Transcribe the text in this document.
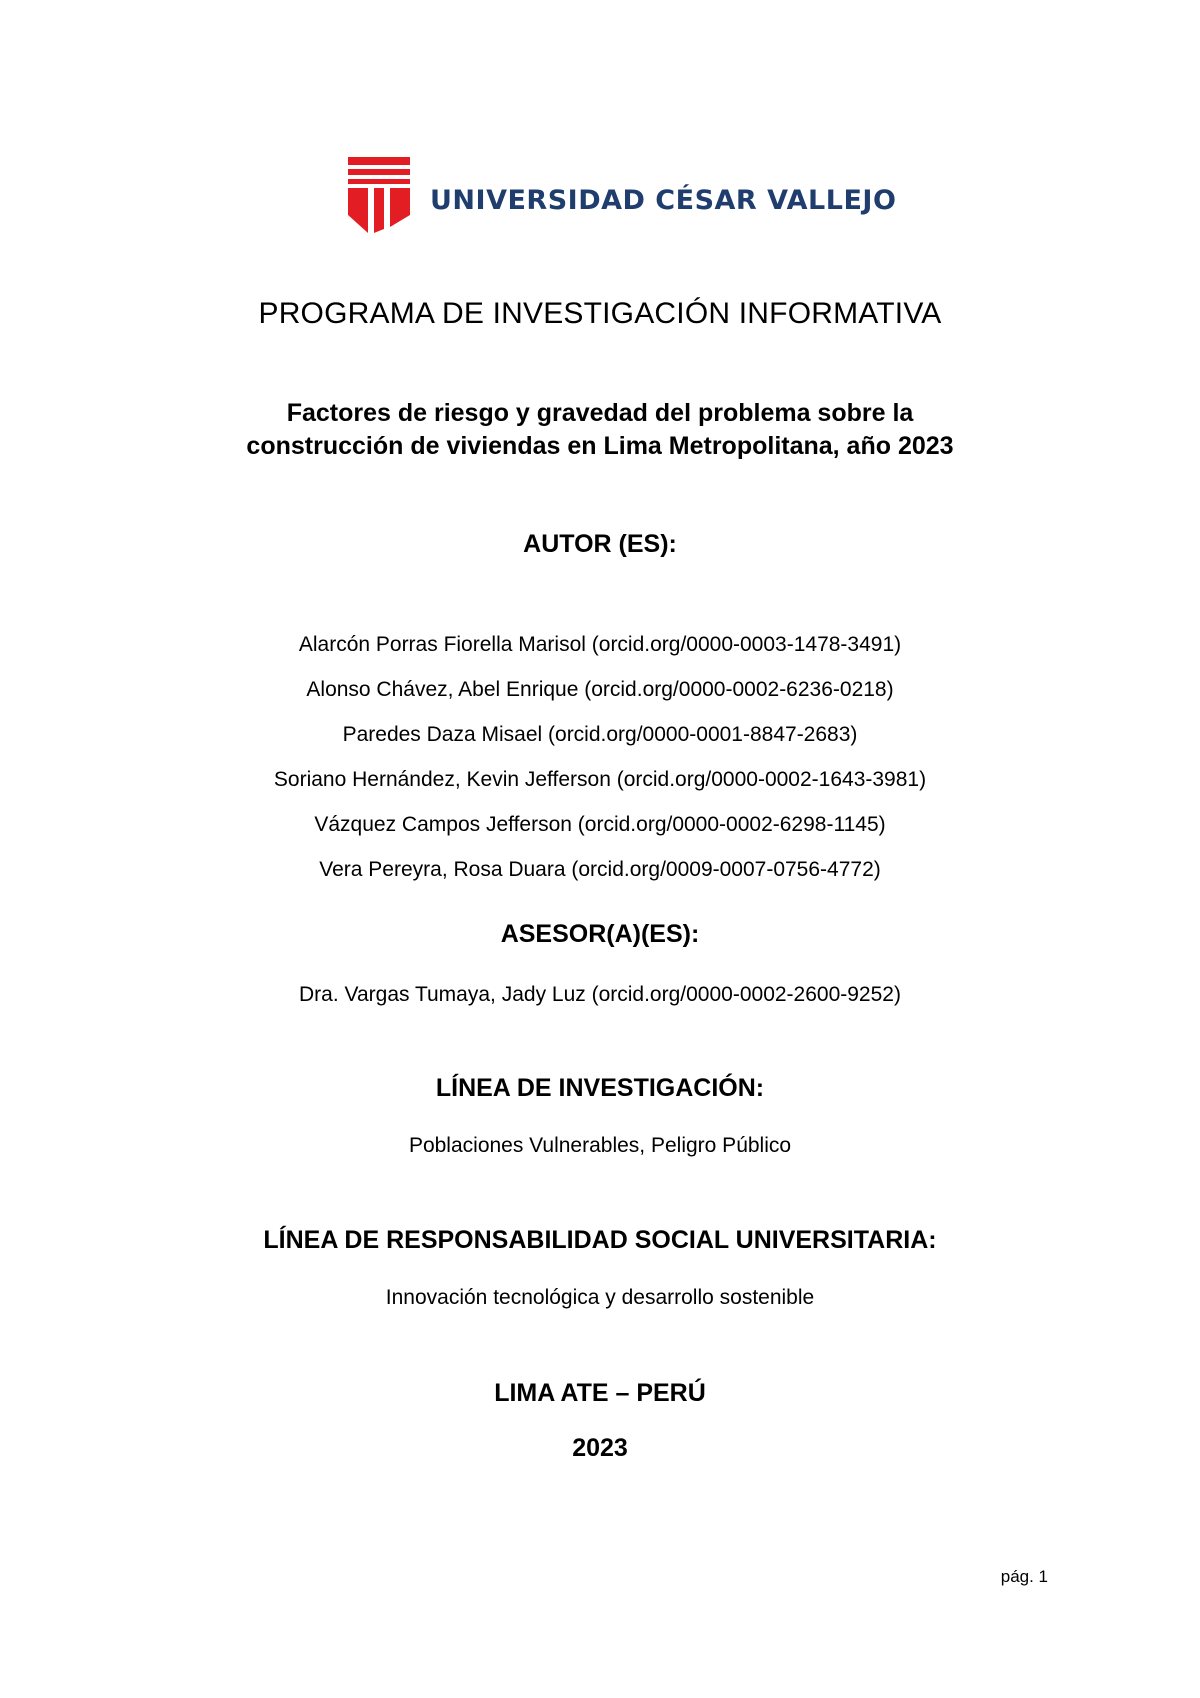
UNIVERSIDAD CÉSAR VALLEJO
PROGRAMA DE INVESTIGACIÓN INFORMATIVA
Factores de riesgo y gravedad del problema sobre la
construcción de viviendas en Lima Metropolitana, año 2023
AUTOR (ES):
Alarcón Porras Fiorella Marisol (orcid.org/0000-0003-1478-3491)
Alonso Chávez, Abel Enrique (orcid.org/0000-0002-6236-0218)
Paredes Daza Misael (orcid.org/0000-0001-8847-2683)
Soriano Hernández, Kevin Jefferson (orcid.org/0000-0002-1643-3981)
Vázquez Campos Jefferson (orcid.org/0000-0002-6298-1145)
Vera Pereyra, Rosa Duara (orcid.org/0009-0007-0756-4772)
ASESOR(A)(ES):
Dra. Vargas Tumaya, Jady Luz (orcid.org/0000-0002-2600-9252)
LÍNEA DE INVESTIGACIÓN:
Poblaciones Vulnerables, Peligro Público
LÍNEA DE RESPONSABILIDAD SOCIAL UNIVERSITARIA:
Innovación tecnológica y desarrollo sostenible
LIMA ATE – PERÚ
2023
pág. 1
